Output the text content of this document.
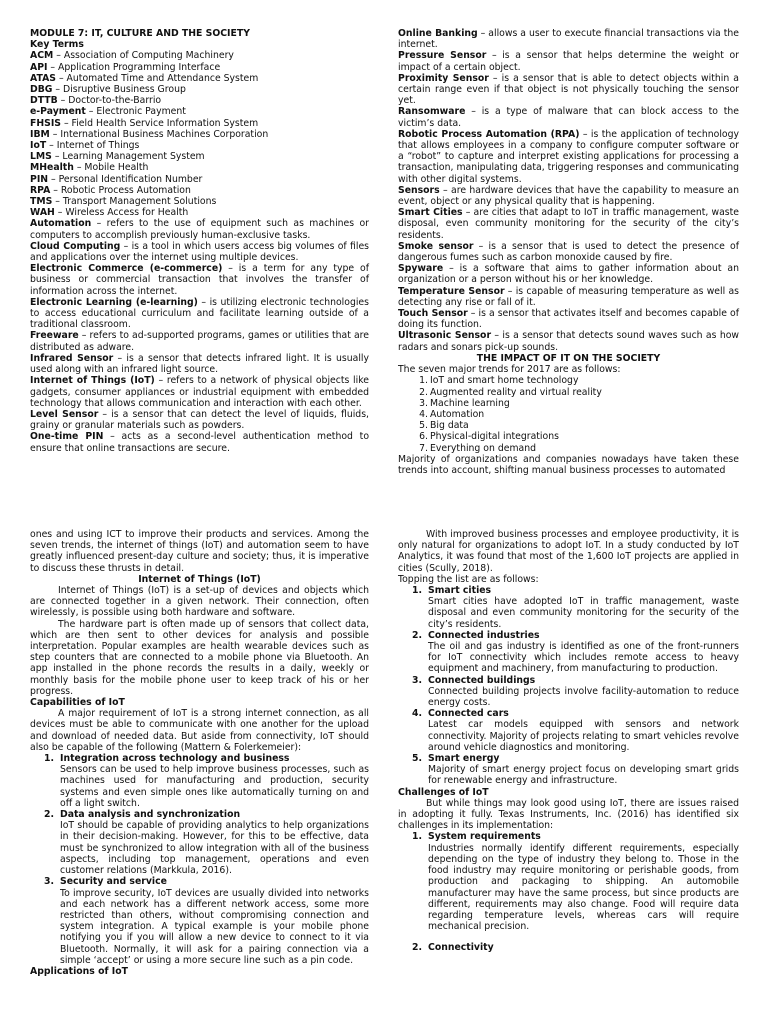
MODULE 7: IT, CULTURE AND THE SOCIETY

Key Terms

ACM – Association of Computing Machinery

API – Application Programming Interface

ATAS – Automated Time and Attendance System

DBG – Disruptive Business Group

DTTB – Doctor-to-the-Barrio

e-Payment – Electronic Payment

FHSIS – Field Health Service Information System

IBM – International Business Machines Corporation

IoT – Internet of Things

LMS – Learning Management System

MHealth – Mobile Health

PIN – Personal Identification Number

RPA – Robotic Process Automation

TMS – Transport Management Solutions

WAH – Wireless Access for Health

Automation – refers to the use of equipment such as machines or computers to accomplish previously human-exclusive tasks.

Cloud Computing – is a tool in which users access big volumes of files and applications over the internet using multiple devices.

Electronic Commerce (e-commerce) – is a term for any type of business or commercial transaction that involves the transfer of information across the internet.

Electronic Learning (e-learning) – is utilizing electronic technologies to access educational curriculum and facilitate learning outside of a traditional classroom.

Freeware – refers to ad-supported programs, games or utilities that are distributed as adware.

Infrared Sensor – is a sensor that detects infrared light. It is usually used along with an infrared light source.

Internet of Things (IoT) – refers to a network of physical objects like gadgets, consumer appliances or industrial equipment with embedded technology that allows communication and interaction with each other.

Level Sensor – is a sensor that can detect the level of liquids, fluids, grainy or granular materials such as powders.

One-time PIN – acts as a second-level authentication method to ensure that online transactions are secure.

Online Banking – allows a user to execute financial transactions via the internet.

Pressure Sensor – is a sensor that helps determine the weight or impact of a certain object.

Proximity Sensor – is a sensor that is able to detect objects within a certain range even if that object is not physically touching the sensor yet.

Ransomware – is a type of malware that can block access to the victim’s data.

Robotic Process Automation (RPA) – is the application of technology that allows employees in a company to configure computer software or a “robot” to capture and interpret existing applications for processing a transaction, manipulating data, triggering responses and communicating with other digital systems.

Sensors – are hardware devices that have the capability to measure an event, object or any physical quality that is happening.

Smart Cities – are cities that adapt to IoT in traffic management, waste disposal, even community monitoring for the security of the city’s residents.

Smoke sensor – is a sensor that is used to detect the presence of dangerous fumes such as carbon monoxide caused by fire.

Spyware – is a software that aims to gather information about an organization or a person without his or her knowledge.

Temperature Sensor – is capable of measuring temperature as well as detecting any rise or fall of it.

Touch Sensor – is a sensor that activates itself and becomes capable of doing its function.

Ultrasonic Sensor – is a sensor that detects sound waves such as how radars and sonars pick-up sounds.

THE IMPACT OF IT ON THE SOCIETY

The seven major trends for 2017 are as follows:

1. IoT and smart home technology
2. Augmented reality and virtual reality
3. Machine learning
4. Automation
5. Big data
6. Physical-digital integrations
7. Everything on demand

Majority of organizations and companies nowadays have taken these trends into account, shifting manual business processes to automated

ones and using ICT to improve their products and services. Among the seven trends, the internet of things (IoT) and automation seem to have greatly influenced present-day culture and society; thus, it is imperative to discuss these thrusts in detail.

Internet of Things (IoT)

Internet of Things (IoT) is a set-up of devices and objects which are connected together in a given network. Their connection, often wirelessly, is possible using both hardware and software.

The hardware part is often made up of sensors that collect data, which are then sent to other devices for analysis and possible interpretation. Popular examples are health wearable devices such as step counters that are connected to a mobile phone via Bluetooth. An app installed in the phone records the results in a daily, weekly or monthly basis for the mobile phone user to keep track of his or her progress.

Capabilities of IoT

A major requirement of IoT is a strong internet connection, as all devices must be able to communicate with one another for the upload and download of needed data. But aside from connectivity, IoT should also be capable of the following (Mattern & Folerkemeier):

1. Integration across technology and business
Sensors can be used to help improve business processes, such as machines used for manufacturing and production, security systems and even simple ones like automatically turning on and off a light switch.
2. Data analysis and synchronization
IoT should be capable of providing analytics to help organizations in their decision-making. However, for this to be effective, data must be synchronized to allow integration with all of the business aspects, including top management, operations and even customer relations (Markkula, 2016).
3. Security and service
To improve security, IoT devices are usually divided into networks and each network has a different network access, some more restricted than others, without compromising connection and system integration. A typical example is your mobile phone notifying you if you will allow a new device to connect to it via Bluetooth. Normally, it will ask for a pairing connection via a simple ‘accept’ or using a more secure line such as a pin code.

Applications of IoT

With improved business processes and employee productivity, it is only natural for organizations to adopt IoT. In a study conducted by IoT Analytics, it was found that most of the 1,600 IoT projects are applied in cities (Scully, 2018).

Topping the list are as follows:

1. Smart cities
Smart cities have adopted IoT in traffic management, waste disposal and even community monitoring for the security of the city’s residents.
2. Connected industries
The oil and gas industry is identified as one of the front-runners for IoT connectivity which includes remote access to heavy equipment and machinery, from manufacturing to production.
3. Connected buildings
Connected building projects involve facility-automation to reduce energy costs.
4. Connected cars
Latest car models equipped with sensors and network connectivity. Majority of projects relating to smart vehicles revolve around vehicle diagnostics and monitoring.
5. Smart energy
Majority of smart energy project focus on developing smart grids for renewable energy and infrastructure.

Challenges of IoT

But while things may look good using IoT, there are issues raised in adopting it fully. Texas Instruments, Inc. (2016) has identified six challenges in its implementation:

1. System requirements
Industries normally identify different requirements, especially depending on the type of industry they belong to. Those in the food industry may require monitoring or perishable goods, from production and packaging to shipping. An automobile manufacturer may have the same process, but since products are different, requirements may also change. Food will require data regarding temperature levels, whereas cars will require mechanical precision.
2. Connectivity
